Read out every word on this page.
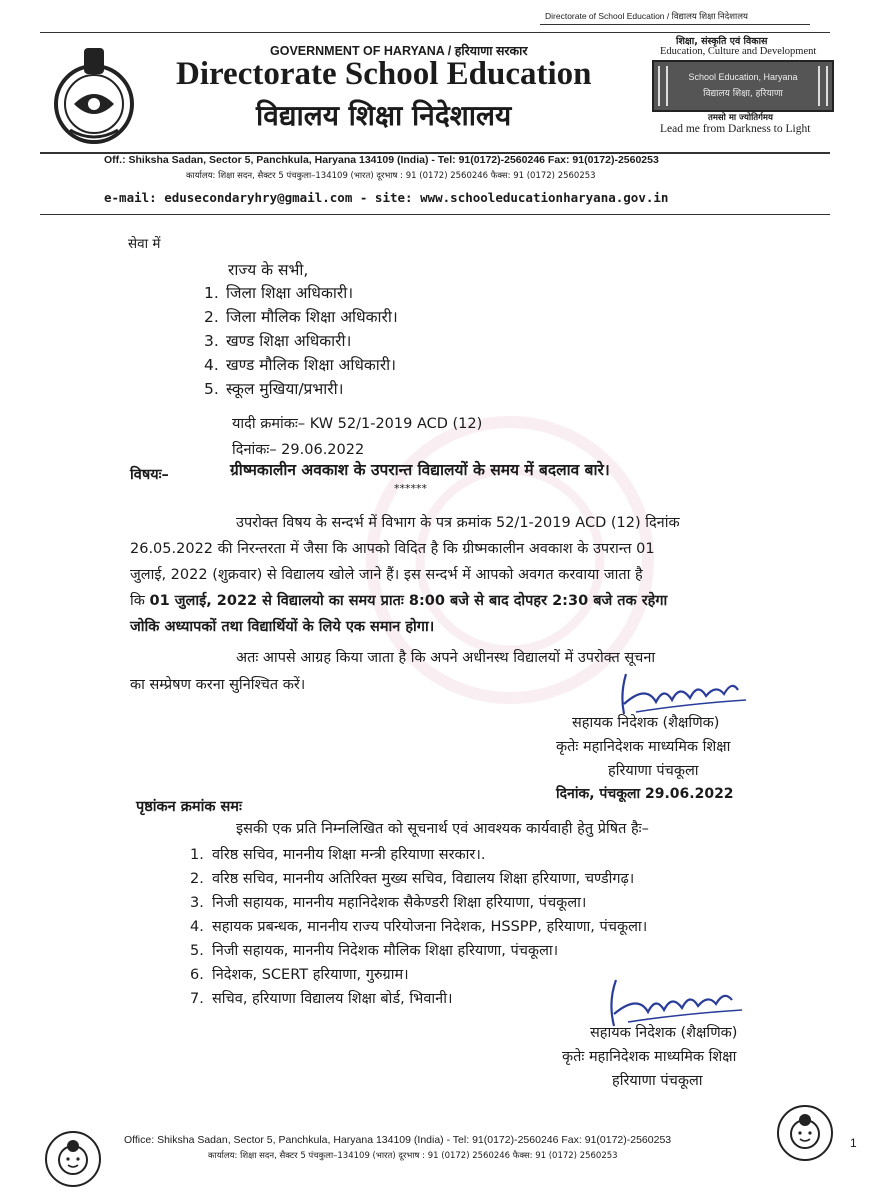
Directorate of School Education / विद्यालय शिक्षा निदेशालय
GOVERNMENT OF HARYANA / हरियाणा सरकार
Directorate School Education
विद्यालय शिक्षा निदेशालय
शिक्षा, संस्कृति एवं विकास
Education, Culture and Development
School Education, Haryana
विद्यालय शिक्षा, हरियाणा
तमसो मा ज्योतिर्गमय
Lead me from Darkness to Light
Off.: Shiksha Sadan, Sector 5, Panchkula, Haryana 134109 (India) - Tel: 91(0172)-2560246 Fax: 91(0172)-2560253
कार्यालय: शिक्षा सदन, सैक्टर 5 पंचकुला–134109 (भारत) दूरभाष : 91 (0172) 2560246 फैक्स: 91 (0172) 2560253
e-mail: edusecondaryhry@gmail.com - site: www.schooleducationharyana.gov.in
सेवा में
राज्य के सभी,
1. जिला शिक्षा अधिकारी।
2. जिला मौलिक शिक्षा अधिकारी।
3. खण्ड शिक्षा अधिकारी।
4. खण्ड मौलिक शिक्षा अधिकारी।
5. स्कूल मुखिया/प्रभारी।
यादी क्रमांकः– KW 52/1-2019 ACD (12)
दिनांकः– 29.06.2022
विषयः–	ग्रीष्मकालीन अवकाश के उपरान्त विद्यालयों के समय में बदलाव बारे।
******
उपरोक्त विषय के सन्दर्भ में विभाग के पत्र क्रमांक 52/1-2019 ACD (12) दिनांक
26.05.2022 की निरन्तरता में जैसा कि आपको विदित है कि ग्रीष्मकालीन अवकाश के उपरान्त 01
जुलाई, 2022 (शुक्रवार) से विद्यालय खोले जाने हैं। इस सन्दर्भ में आपको अवगत करवाया जाता है
कि 01 जुलाई, 2022 से विद्यालयो का समय प्रातः 8:00 बजे से बाद दोपहर 2:30 बजे तक रहेगा
जोकि अध्यापकों तथा विद्यार्थियों के लिये एक समान होगा।
अतः आपसे आग्रह किया जाता है कि अपने अधीनस्थ विद्यालयों में उपरोक्त सूचना
का सम्प्रेषण करना सुनिश्चित करें।
सहायक निदेशक (शैक्षणिक)
कृतेः महानिदेशक माध्यमिक शिक्षा
हरियाणा पंचकूला
दिनांक, पंचकूला 29.06.2022
पृष्ठांकन क्रमांक समः
इसकी एक प्रति निम्नलिखित को सूचनार्थ एवं आवश्यक कार्यवाही हेतु प्रेषित हैः–
1. वरिष्ठ सचिव, माननीय शिक्षा मन्त्री हरियाणा सरकार।.
2. वरिष्ठ सचिव, माननीय अतिरिक्त मुख्य सचिव, विद्यालय शिक्षा हरियाणा, चण्डीगढ़।
3. निजी सहायक, माननीय महानिदेशक सैकेण्डरी शिक्षा हरियाणा, पंचकूला।
4. सहायक प्रबन्धक, माननीय राज्य परियोजना निदेशक, HSSPP, हरियाणा, पंचकूला।
5. निजी सहायक, माननीय निदेशक मौलिक शिक्षा हरियाणा, पंचकूला।
6. निदेशक, SCERT हरियाणा, गुरुग्राम।
7. सचिव, हरियाणा विद्यालय शिक्षा बोर्ड, भिवानी।
सहायक निदेशक (शैक्षणिक)
कृतेः महानिदेशक माध्यमिक शिक्षा
हरियाणा पंचकूला
Office: Shiksha Sadan, Sector 5, Panchkula, Haryana 134109 (India) - Tel: 91(0172)-2560246 Fax: 91(0172)-2560253
कार्यालय: शिक्षा सदन, सैक्टर 5 पंचकुला–134109 (भारत) दूरभाष : 91 (0172) 2560246 फैक्स: 91 (0172) 2560253
1
